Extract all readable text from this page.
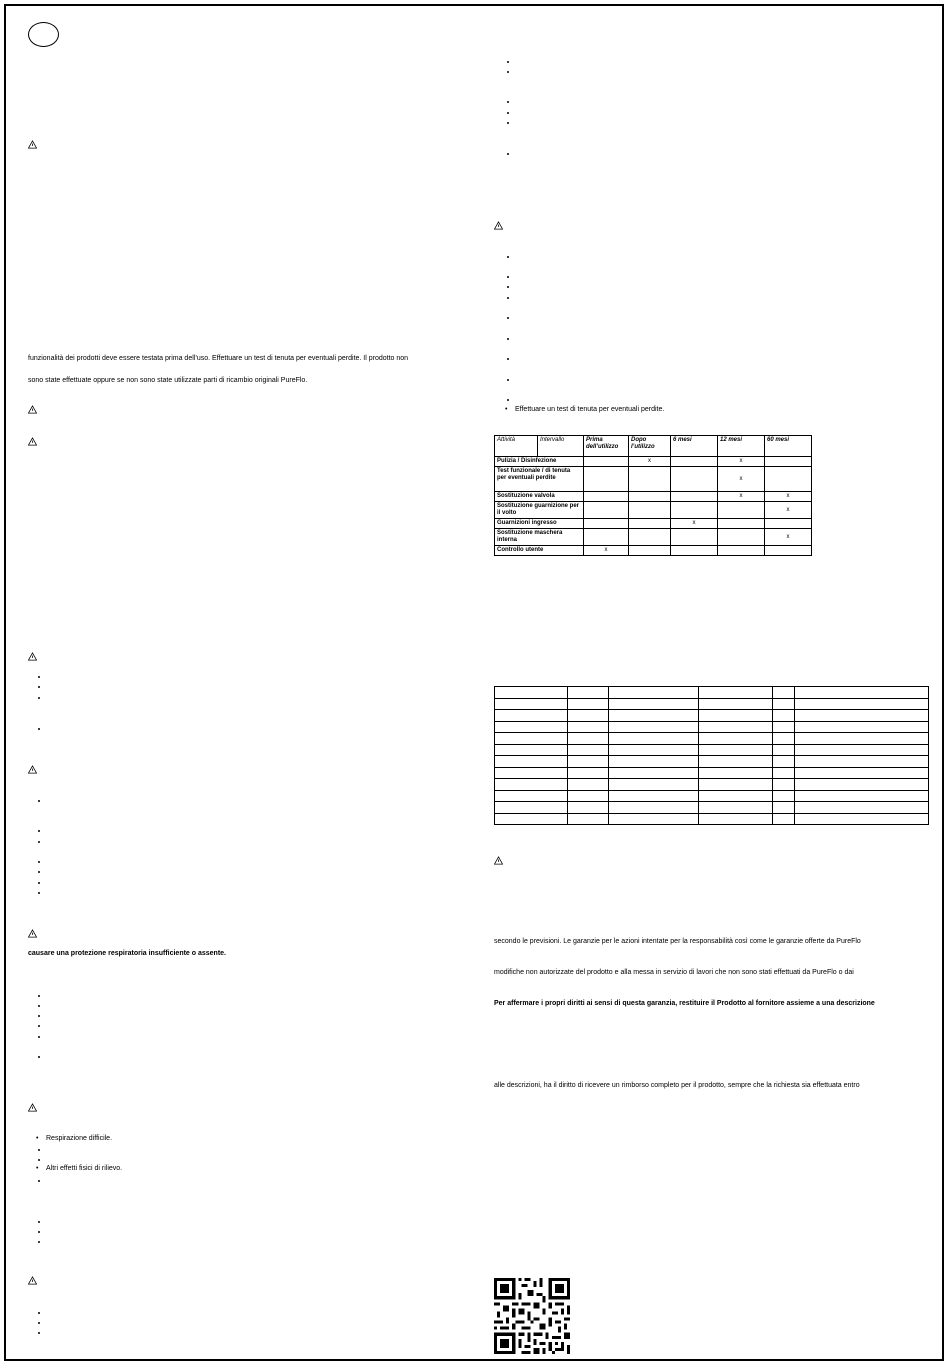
funzionalità dei prodotti deve essere testata prima dell’uso. Effettuare un test di tenuta per eventuali perdite. Il prodotto non
sono state effettuate oppure se non sono state utilizzate parti di ricambio originali PureFlo.
causare una protezione respiratoria insufficiente o assente.
• Respirazione difficile.
• Altri effetti fisici di rilievo.
• Effettuare un test di tenuta per eventuali perdite.
Attività	Intervallo	Prima dell’utilizzo	Dopo l’utilizzo	6 mesi	12 mesi	60 mesi
Pulizia / Disinfezione			x		x	
Test funzionale / di tenuta per eventuali perdite					x	
Sostituzione valvola					x	x
Sostituzione guarnizione per il volto						x
Guarnizioni ingresso				x		
Sostituzione maschera interna						x
Controllo utente		x				

secondo le previsioni. Le garanzie per le azioni intentate per la responsabilità così come le garanzie offerte da PureFlo
modifiche non autorizzate del prodotto e alla messa in servizio di lavori che non sono stati effettuati da PureFlo o dai
Per affermare i propri diritti ai sensi di questa garanzia, restituire il Prodotto al fornitore assieme a una descrizione
alle descrizioni, ha il diritto di ricevere un rimborso completo per il prodotto, sempre che la richiesta sia effettuata entro
